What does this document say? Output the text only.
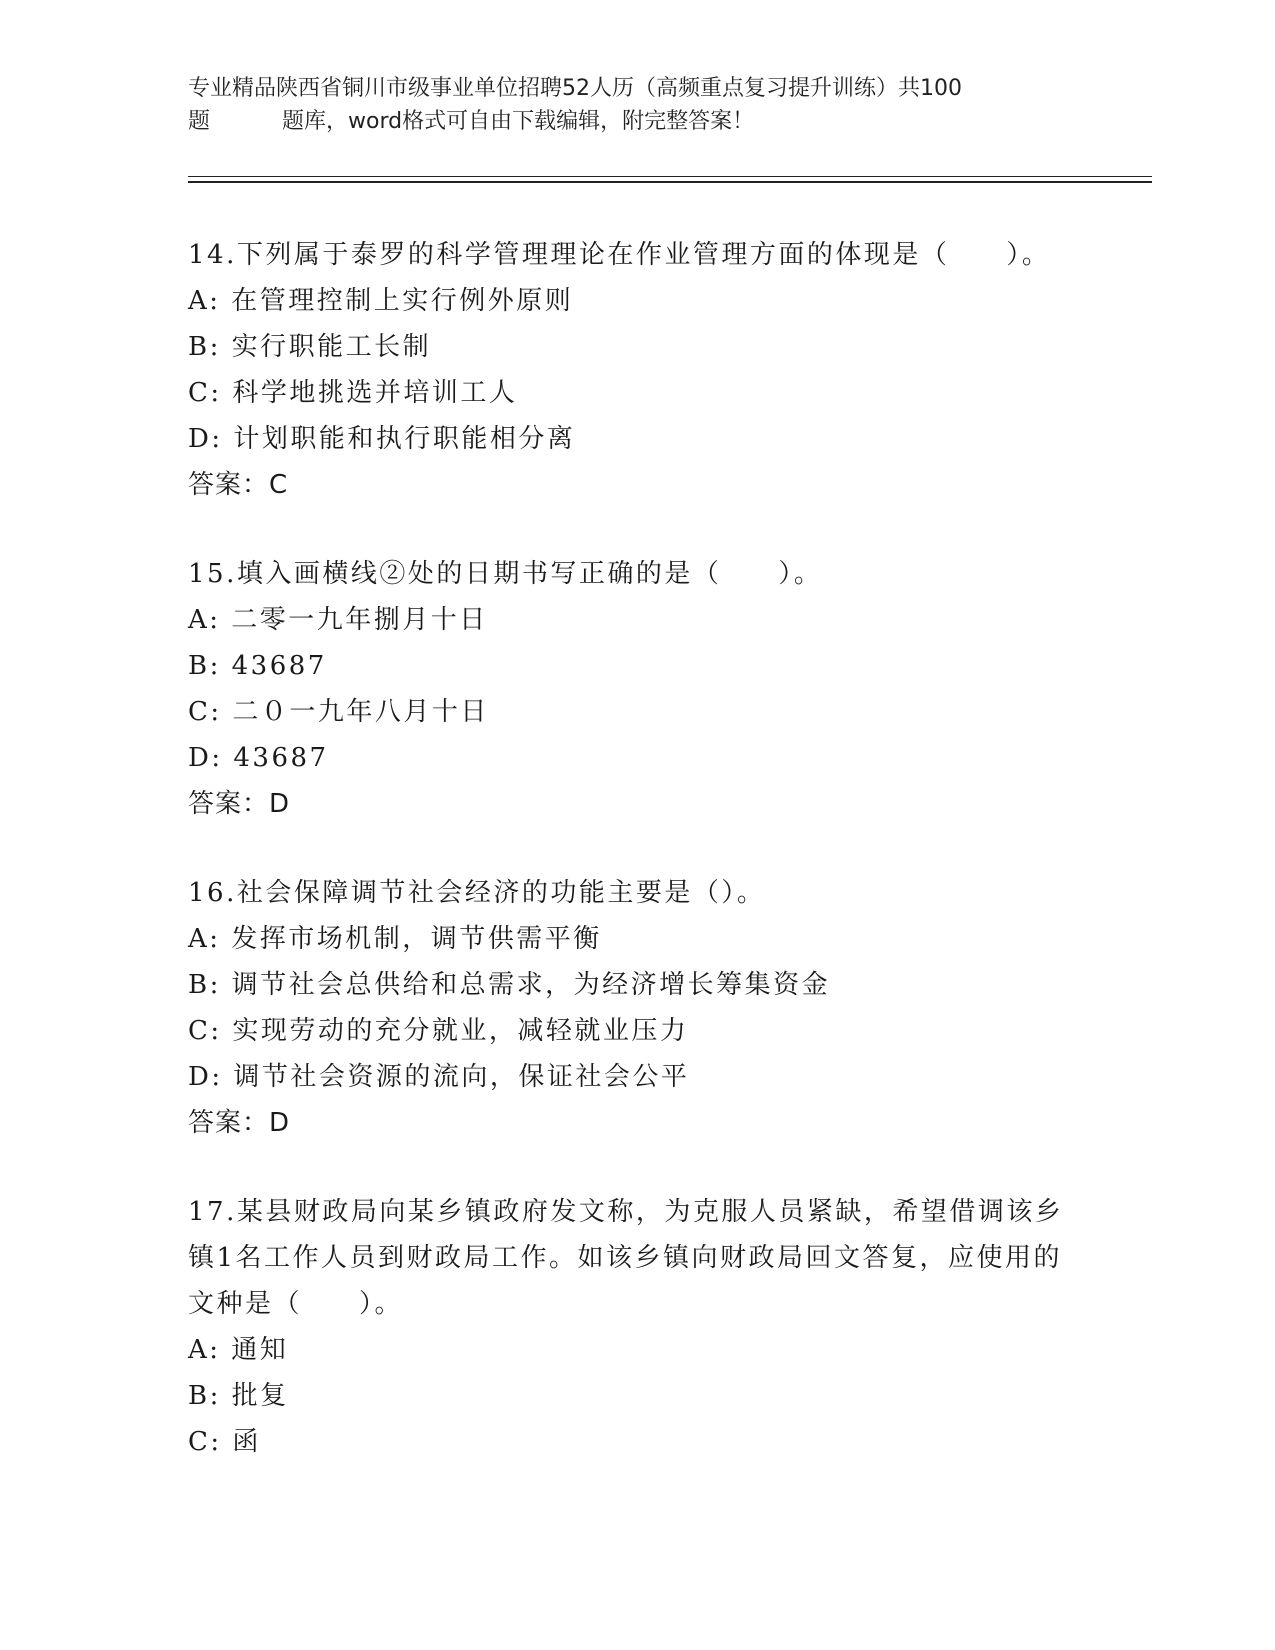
专业精品陕西省铜川市级事业单位招聘52人历（高频重点复习提升训练）共100
题	题库，word格式可自由下载编辑，附完整答案！
14.下列属于泰罗的科学管理理论在作业管理方面的体现是（　　）。
A: 在管理控制上实行例外原则
B: 实行职能工长制
C: 科学地挑选并培训工人
D: 计划职能和执行职能相分离
答案：C
15.填入画横线②处的日期书写正确的是（　　）。
A: 二零一九年捌月十日
B: 43687
C: 二０一九年八月十日
D: 43687
答案：D
16.社会保障调节社会经济的功能主要是（）。
A: 发挥市场机制，调节供需平衡
B: 调节社会总供给和总需求，为经济增长筹集资金
C: 实现劳动的充分就业，减轻就业压力
D: 调节社会资源的流向，保证社会公平
答案：D
17.某县财政局向某乡镇政府发文称，为克服人员紧缺，希望借调该乡镇1名工作人员到财政局工作。如该乡镇向财政局回文答复，应使用的文种是（　　）。
A: 通知
B: 批复
C: 函
